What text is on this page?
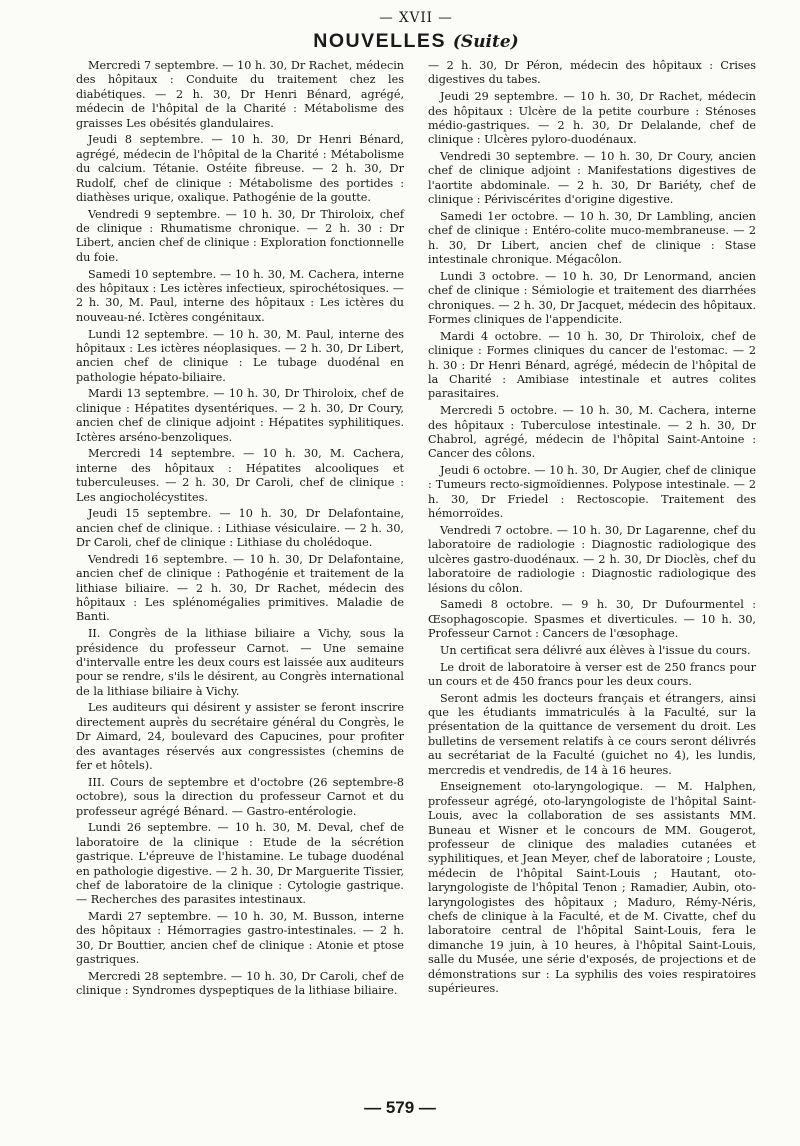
— XVII —
NOUVELLES (Suite)

Mercredi 7 septembre. — 10 h. 30, Dr Rachet, médecin des hôpitaux : Conduite du traitement chez les diabétiques. — 2 h. 30, Dr Henri Bénard, agrégé, médecin de l'hôpital de la Charité : Métabolisme des graisses Les obésités glandulaires.

Jeudi 8 septembre. — 10 h. 30, Dr Henri Bénard, agrégé, médecin de l'hôpital de la Charité : Métabolisme du calcium. Tétanie. Ostéite fibreuse. — 2 h. 30, Dr Rudolf, chef de clinique : Métabolisme des portides : diathèses urique, oxalique. Pathogénie de la goutte.

Vendredi 9 septembre. — 10 h. 30, Dr Thiroloix, chef de clinique : Rhumatisme chronique. — 2 h. 30 : Dr Libert, ancien chef de clinique : Exploration fonctionnelle du foie.

Samedi 10 septembre. — 10 h. 30, M. Cachera, interne des hôpitaux : Les ictères infectieux, spirochétosiques. — 2 h. 30, M. Paul, interne des hôpitaux : Les ictères du nouveau-né. Ictères congénitaux.

Lundi 12 septembre. — 10 h. 30, M. Paul, interne des hôpitaux : Les ictères néoplasiques. — 2 h. 30, Dr Libert, ancien chef de clinique : Le tubage duodénal en pathologie hépato-biliaire.

Mardi 13 septembre. — 10 h. 30, Dr Thiroloix, chef de clinique : Hépatites dysentériques. — 2 h. 30, Dr Coury, ancien chef de clinique adjoint : Hépatites syphilitiques. Ictères arséno-benzoliques.

Mercredi 14 septembre. — 10 h. 30, M. Cachera, interne des hôpitaux : Hépatites alcooliques et tuberculeuses. — 2 h. 30, Dr Caroli, chef de clinique : Les angiocholécystites.

Jeudi 15 septembre. — 10 h. 30, Dr Delafontaine, ancien chef de clinique. : Lithiase vésiculaire. — 2 h. 30, Dr Caroli, chef de clinique : Lithiase du cholédoque.

Vendredi 16 septembre. — 10 h. 30, Dr Delafontaine, ancien chef de clinique : Pathogénie et traitement de la lithiase biliaire. — 2 h. 30, Dr Rachet, médecin des hôpitaux : Les splénomégalies primitives. Maladie de Banti.

II. Congrès de la lithiase biliaire a Vichy, sous la présidence du professeur Carnot. — Une semaine d'intervalle entre les deux cours est laissée aux auditeurs pour se rendre, s'ils le désirent, au Congrès international de la lithiase biliaire à Vichy.

Les auditeurs qui désirent y assister se feront inscrire directement auprès du secrétaire général du Congrès, le Dr Aimard, 24, boulevard des Capucines, pour profiter des avantages réservés aux congressistes (chemins de fer et hôtels).

III. Cours de septembre et d'octobre (26 septembre-8 octobre), sous la direction du professeur Carnot et du professeur agrégé Bénard. — Gastro-entérologie.

Lundi 26 septembre. — 10 h. 30, M. Deval, chef de laboratoire de la clinique : Etude de la sécrétion gastrique. L'épreuve de l'histamine. Le tubage duodénal en pathologie digestive. — 2 h. 30, Dr Marguerite Tissier, chef de laboratoire de la clinique : Cytologie gastrique. — Recherches des parasites intestinaux.

Mardi 27 septembre. — 10 h. 30, M. Busson, interne des hôpitaux : Hémorragies gastro-intestinales. — 2 h. 30, Dr Bouttier, ancien chef de clinique : Atonie et ptose gastriques.

Mercredi 28 septembre. — 10 h. 30, Dr Caroli, chef de clinique : Syndromes dyspeptiques de la lithiase biliaire.

— 2 h. 30, Dr Péron, médecin des hôpitaux : Crises digestives du tabes.

Jeudi 29 septembre. — 10 h. 30, Dr Rachet, médecin des hôpitaux : Ulcère de la petite courbure : Sténoses médio-gastriques. — 2 h. 30, Dr Delalande, chef de clinique : Ulcères pyloro-duodénaux.

Vendredi 30 septembre. — 10 h. 30, Dr Coury, ancien chef de clinique adjoint : Manifestations digestives de l'aortite abdominale. — 2 h. 30, Dr Bariéty, chef de clinique : Périviscérites d'origine digestive.

Samedi 1er octobre. — 10 h. 30, Dr Lambling, ancien chef de clinique : Entéro-colite muco-membraneuse. — 2 h. 30, Dr Libert, ancien chef de clinique : Stase intestinale chronique. Mégacôlon.

Lundi 3 octobre. — 10 h. 30, Dr Lenormand, ancien chef de clinique : Sémiologie et traitement des diarrhées chroniques. — 2 h. 30, Dr Jacquet, médecin des hôpitaux. Formes cliniques de l'appendicite.

Mardi 4 octobre. — 10 h. 30, Dr Thiroloix, chef de clinique : Formes cliniques du cancer de l'estomac. — 2 h. 30 : Dr Henri Bénard, agrégé, médecin de l'hôpital de la Charité : Amibiase intestinale et autres colites parasitaires.

Mercredi 5 octobre. — 10 h. 30, M. Cachera, interne des hôpitaux : Tuberculose intestinale. — 2 h. 30, Dr Chabrol, agrégé, médecin de l'hôpital Saint-Antoine : Cancer des côlons.

Jeudi 6 octobre. — 10 h. 30, Dr Augier, chef de clinique : Tumeurs recto-sigmoïdiennes. Polypose intestinale. — 2 h. 30, Dr Friedel : Rectoscopie. Traitement des hémorroïdes.

Vendredi 7 octobre. — 10 h. 30, Dr Lagarenne, chef du laboratoire de radiologie : Diagnostic radiologique des ulcères gastro-duodénaux. — 2 h. 30, Dr Dioclès, chef du laboratoire de radiologie : Diagnostic radiologique des lésions du côlon.

Samedi 8 octobre. — 9 h. 30, Dr Dufourmentel : Œsophagoscopie. Spasmes et diverticules. — 10 h. 30, Professeur Carnot : Cancers de l'œsophage.

Un certificat sera délivré aux élèves à l'issue du cours.

Le droit de laboratoire à verser est de 250 francs pour un cours et de 450 francs pour les deux cours.

Seront admis les docteurs français et étrangers, ainsi que les étudiants immatriculés à la Faculté, sur la présentation de la quittance de versement du droit. Les bulletins de versement relatifs à ce cours seront délivrés au secrétariat de la Faculté (guichet no 4), les lundis, mercredis et vendredis, de 14 à 16 heures.

Enseignement oto-laryngologique. — M. Halphen, professeur agrégé, oto-laryngologiste de l'hôpital Saint-Louis, avec la collaboration de ses assistants MM. Buneau et Wisner et le concours de MM. Gougerot, professeur de clinique des maladies cutanées et syphilitiques, et Jean Meyer, chef de laboratoire ; Louste, médecin de l'hôpital Saint-Louis ; Hautant, oto-laryngologiste de l'hôpital Tenon ; Ramadier, Aubin, oto-laryngologistes des hôpitaux ; Maduro, Rémy-Néris, chefs de clinique à la Faculté, et de M. Civatte, chef du laboratoire central de l'hôpital Saint-Louis, fera le dimanche 19 juin, à 10 heures, à l'hôpital Saint-Louis, salle du Musée, une série d'exposés, de projections et de démonstrations sur : La syphilis des voies respiratoires supérieures.

— 579 —
